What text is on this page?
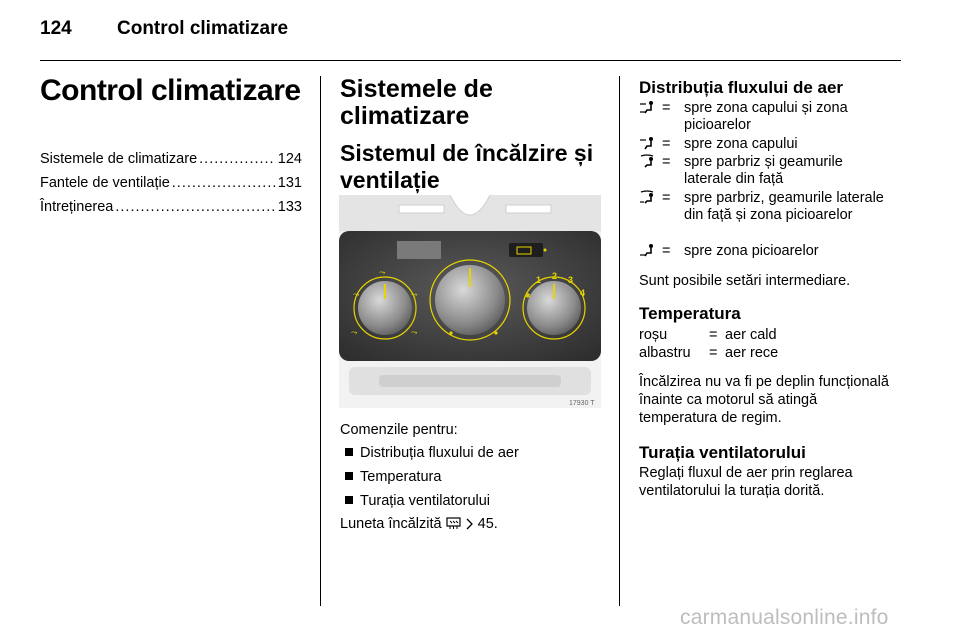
124 Control climatizare
Control climatizare
Sistemele de climatizare .....	124
Fantele de ventilație .....	131
Întreținerea .....	133
Sistemele de climatizare
Sistemul de încălzire și ventilație
⤳
⤳
⤳
⤳	⤳
✱
1 2 3
4
17930 T
Comenzile pentru:
Distribuția fluxului de aer
Temperatura
Turația ventilatorului
Luneta încălzită 45.
Distribuția fluxului de aer
= spre zona capului și zona picioarelor
= spre zona capului
= spre parbriz și geamurile laterale din față
= spre parbriz, geamurile laterale din față și zona picioarelor
= spre zona picioarelor
Sunt posibile setări intermediare.
Temperatura
roșu	= aer cald
albastru	= aer rece
Încălzirea nu va fi pe deplin funcțională înainte ca motorul să atingă temperatura de regim.
Turația ventilatorului
Reglați fluxul de aer prin reglarea ventilatorului la turația dorită.
carmanualsonline.info
